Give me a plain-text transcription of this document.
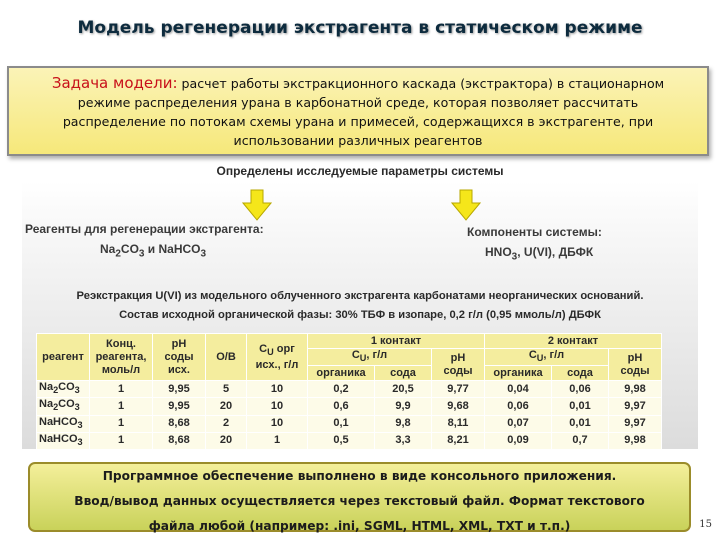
Модель регенерации экстрагента в статическом режиме
Задача модели: расчет работы экстракционного каскада (экстрактора) в стационарном
режиме распределения урана в карбонатной среде, которая позволяет рассчитать
распределение по потокам схемы урана и примесей, содержащихся в экстрагенте, при
использовании различных реагентов
Определены исследуемые параметры системы
Реагенты для регенерации экстрагента:
$Na_2CO_3$ и NaHCO$_3$
Компоненты системы:
$HNO_3$, U(VI), ДБФК
Реэкстракция U(VI) из модельного облученного экстрагента карбонатами неорганических оснований.
Состав исходной органической фазы: 30% ТБФ в изопаре, 0,2 г/л (0,95 ммоль/л) ДБФК
реагент	Конц.
реагента,
моль/л	pH
соды
исх.	О/В	$C_U$ орг
исх., г/л	1 контакт			2 контакт		
					$C_U$, г/л		pH
соды	$C_U$, г/л		pH
соды
					органика	сода		органика	сода	
$Na_2CO_3$	1	9,95	5	10	0,2	20,5	9,77	0,04	0,06	9,98
$Na_2CO_3$	1	9,95	20	10	0,6	9,9	9,68	0,06	0,01	9,97
NaHCO$_3$	1	8,68	2	10	0,1	9,8	8,11	0,07	0,01	9,97
NaHCO$_3$	1	8,68	20	1	0,5	3,3	8,21	0,09	0,7	9,98
Программное обеспечение выполнено в виде консольного приложения.
Ввод/вывод данных осуществляется через текстовый файл. Формат текстового
файла любой (например: .ini, SGML, HTML, XML, TXT и т.п.)	15
